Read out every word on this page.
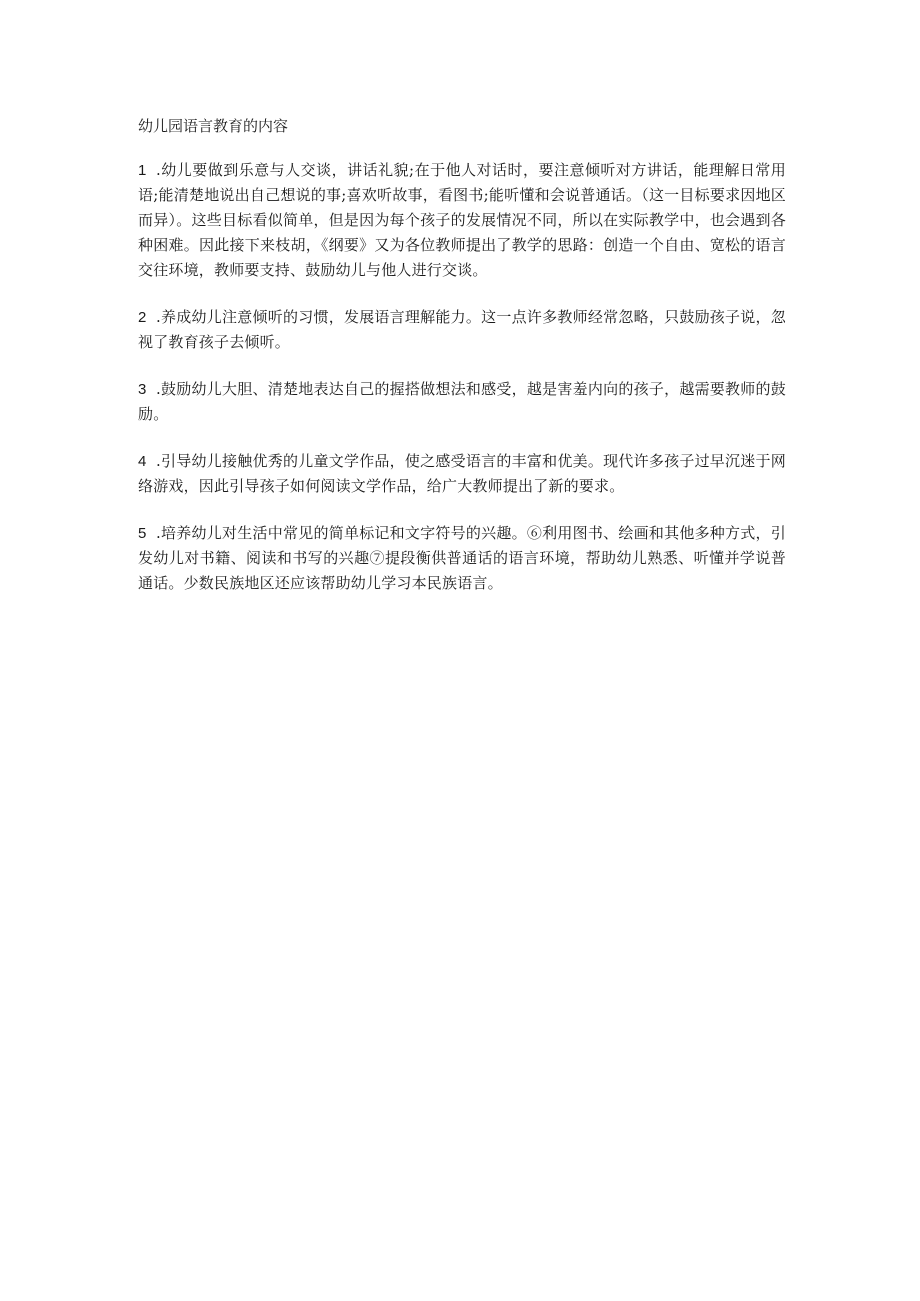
幼儿园语言教育的内容

1 .幼儿要做到乐意与人交谈，讲话礼貌;在于他人对话时，要注意倾听对方讲话，能理解日常用语;能清楚地说出自己想说的事;喜欢听故事，看图书;能听懂和会说普通话。（这一目标要求因地区而异）。这些目标看似简单，但是因为每个孩子的发展情况不同，所以在实际教学中，也会遇到各种困难。因此接下来枝胡，《纲要》又为各位教师提出了教学的思路：创造一个自由、宽松的语言交往环境，教师要支持、鼓励幼儿与他人进行交谈。

2 .养成幼儿注意倾听的习惯，发展语言理解能力。这一点许多教师经常忽略，只鼓励孩子说，忽视了教育孩子去倾听。

3 .鼓励幼儿大胆、清楚地表达自己的握搭做想法和感受，越是害羞内向的孩子，越需要教师的鼓励。

4 .引导幼儿接触优秀的儿童文学作品，使之感受语言的丰富和优美。现代许多孩子过早沉迷于网络游戏，因此引导孩子如何阅读文学作品，给广大教师提出了新的要求。

5 .培养幼儿对生活中常见的简单标记和文字符号的兴趣。⑥利用图书、绘画和其他多种方式，引发幼儿对书籍、阅读和书写的兴趣⑦提段衡供普通话的语言环境，帮助幼儿熟悉、听懂并学说普通话。少数民族地区还应该帮助幼儿学习本民族语言。
